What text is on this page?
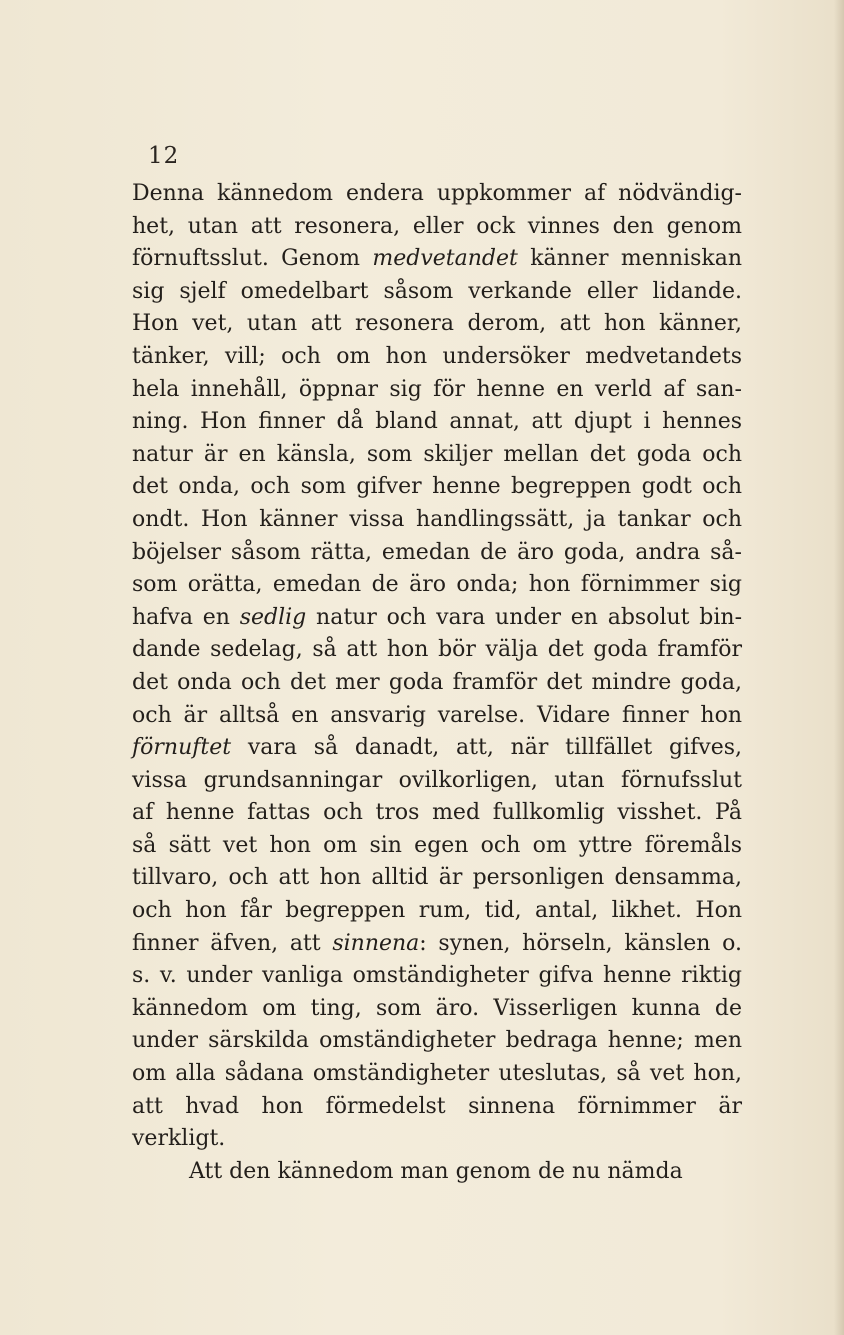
12
Denna kännedom endera uppkommer af nödvändig-
het, utan att resonera, eller ock vinnes den genom
förnuftsslut. Genom medvetandet känner menniskan
sig sjelf omedelbart såsom verkande eller lidande.
Hon vet, utan att resonera derom, att hon känner,
tänker, vill; och om hon undersöker medvetandets
hela innehåll, öppnar sig för henne en verld af san-
ning. Hon finner då bland annat, att djupt i hennes
natur är en känsla, som skiljer mellan det goda och
det onda, och som gifver henne begreppen godt och
ondt. Hon känner vissa handlingssätt, ja tankar och
böjelser såsom rätta, emedan de äro goda, andra så-
som orätta, emedan de äro onda; hon förnimmer sig
hafva en sedlig natur och vara under en absolut bin-
dande sedelag, så att hon bör välja det goda framför
det onda och det mer goda framför det mindre goda,
och är alltså en ansvarig varelse. Vidare finner hon
förnuftet vara så danadt, att, när tillfället gifves,
vissa grundsanningar ovilkorligen, utan förnufsslut
af henne fattas och tros med fullkomlig visshet. På
så sätt vet hon om sin egen och om yttre föremåls
tillvaro, och att hon alltid är personligen densamma,
och hon får begreppen rum, tid, antal, likhet. Hon
finner äfven, att sinnena: synen, hörseln, känslen o.
s. v. under vanliga omständigheter gifva henne riktig
kännedom om ting, som äro. Visserligen kunna de
under särskilda omständigheter bedraga henne; men
om alla sådana omständigheter uteslutas, så vet hon,
att hvad hon förmedelst sinnena förnimmer är
verkligt.
Att den kännedom man genom de nu nämda
